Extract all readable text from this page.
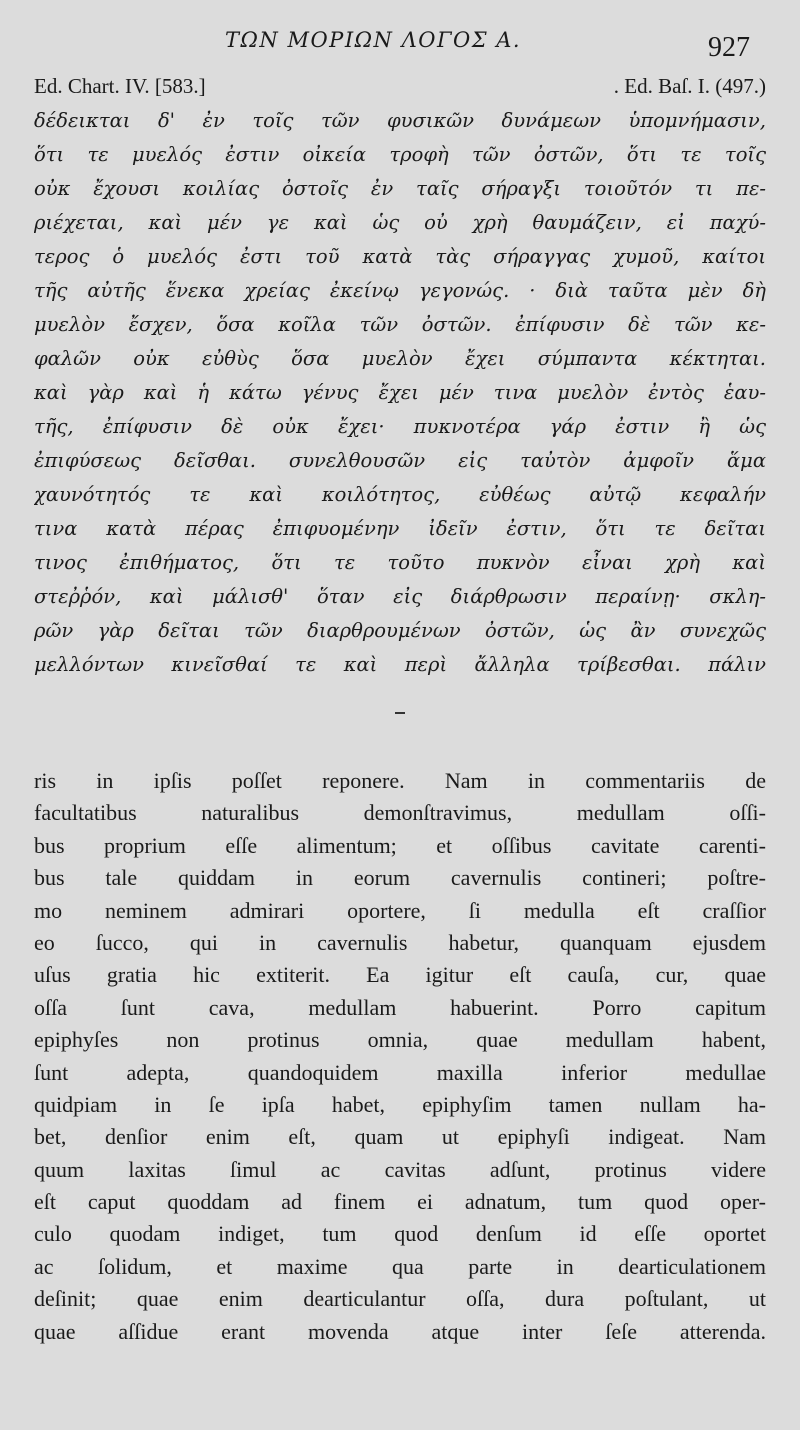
ΤΩΝ ΜΟΡΙΩΝ ΛΟΓΟΣ Α.	927
Ed. Chart. IV. [583.]	. Ed. Baſ. I. (497.)
δέδεικται δ' ἐν τοῖς τῶν φυσικῶν δυνάμεων ὑπομνήμασιν,
ὅτι τε μυελός ἐστιν οἰκεία τροφὴ τῶν ὀστῶν, ὅτι τε τοῖς
οὐκ ἔχουσι κοιλίας ὀστοῖς ἐν ταῖς σήραγξι τοιοῦτόν τι πε-
ριέχεται, καὶ μέν γε καὶ ὡς οὐ χρὴ θαυμάζειν, εἰ παχύ-
τερος ὁ μυελός ἐστι τοῦ κατὰ τὰς σήραγγας χυμοῦ, καίτοι
τῆς αὐτῆς ἕνεκα χρείας ἐκείνῳ γεγονώς. · διὰ ταῦτα μὲν δὴ
μυελὸν ἔσχεν, ὅσα κοῖλα τῶν ὀστῶν. ἐπίφυσιν δὲ τῶν κε-
φαλῶν οὐκ εὐθὺς ὅσα μυελὸν ἔχει σύμπαντα κέκτηται.
καὶ γὰρ καὶ ἡ κάτω γένυς ἔχει μέν τινα μυελὸν ἐντὸς ἑαυ-
τῆς, ἐπίφυσιν δὲ οὐκ ἔχει· πυκνοτέρα γάρ ἐστιν ἢ ὡς
ἐπιφύσεως δεῖσθαι. συνελθουσῶν εἰς ταὐτὸν ἀμφοῖν ἅμα
χαυνότητός τε καὶ κοιλότητος, εὐθέως αὐτῷ κεφαλήν
τινα κατὰ πέρας ἐπιφυομένην ἰδεῖν ἐστιν, ὅτι τε δεῖται
τινος ἐπιθήματος, ὅτι τε τοῦτο πυκνὸν εἶναι χρὴ καὶ
στεῤῥόν, καὶ μάλισθ' ὅταν εἰς διάρθρωσιν περαίνῃ· σκλη-
ρῶν γὰρ δεῖται τῶν διαρθρουμένων ὀστῶν, ὡς ἂν συνεχῶς
μελλόντων κινεῖσθαί τε καὶ περὶ ἄλληλα τρίβεσθαι. πάλιν
ris in ipſis poſſet reponere. Nam in commentariis de
facultatibus naturalibus demonſtravimus, medullam oſſi-
bus proprium eſſe alimentum; et oſſibus cavitate carenti-
bus tale quiddam in eorum cavernulis contineri; poſtre-
mo neminem admirari oportere, ſi medulla eſt craſſior
eo ſucco, qui in cavernulis habetur, quanquam ejusdem
uſus gratia hic extiterit. Ea igitur eſt cauſa, cur, quae
oſſa ſunt cava, medullam habuerint. Porro capitum
epiphyſes non protinus omnia, quae medullam habent,
ſunt adepta, quandoquidem maxilla inferior medullae
quidpiam in ſe ipſa habet, epiphyſim tamen nullam ha-
bet, denſior enim eſt, quam ut epiphyſi indigeat. Nam
quum laxitas ſimul ac cavitas adſunt, protinus videre
eſt caput quoddam ad finem ei adnatum, tum quod oper-
culo quodam indiget, tum quod denſum id eſſe oportet
ac ſolidum, et maxime qua parte in dearticulationem
deſinit; quae enim dearticulantur oſſa, dura poſtulant, ut
quae aſſidue erant movenda atque inter ſeſe atterenda.
